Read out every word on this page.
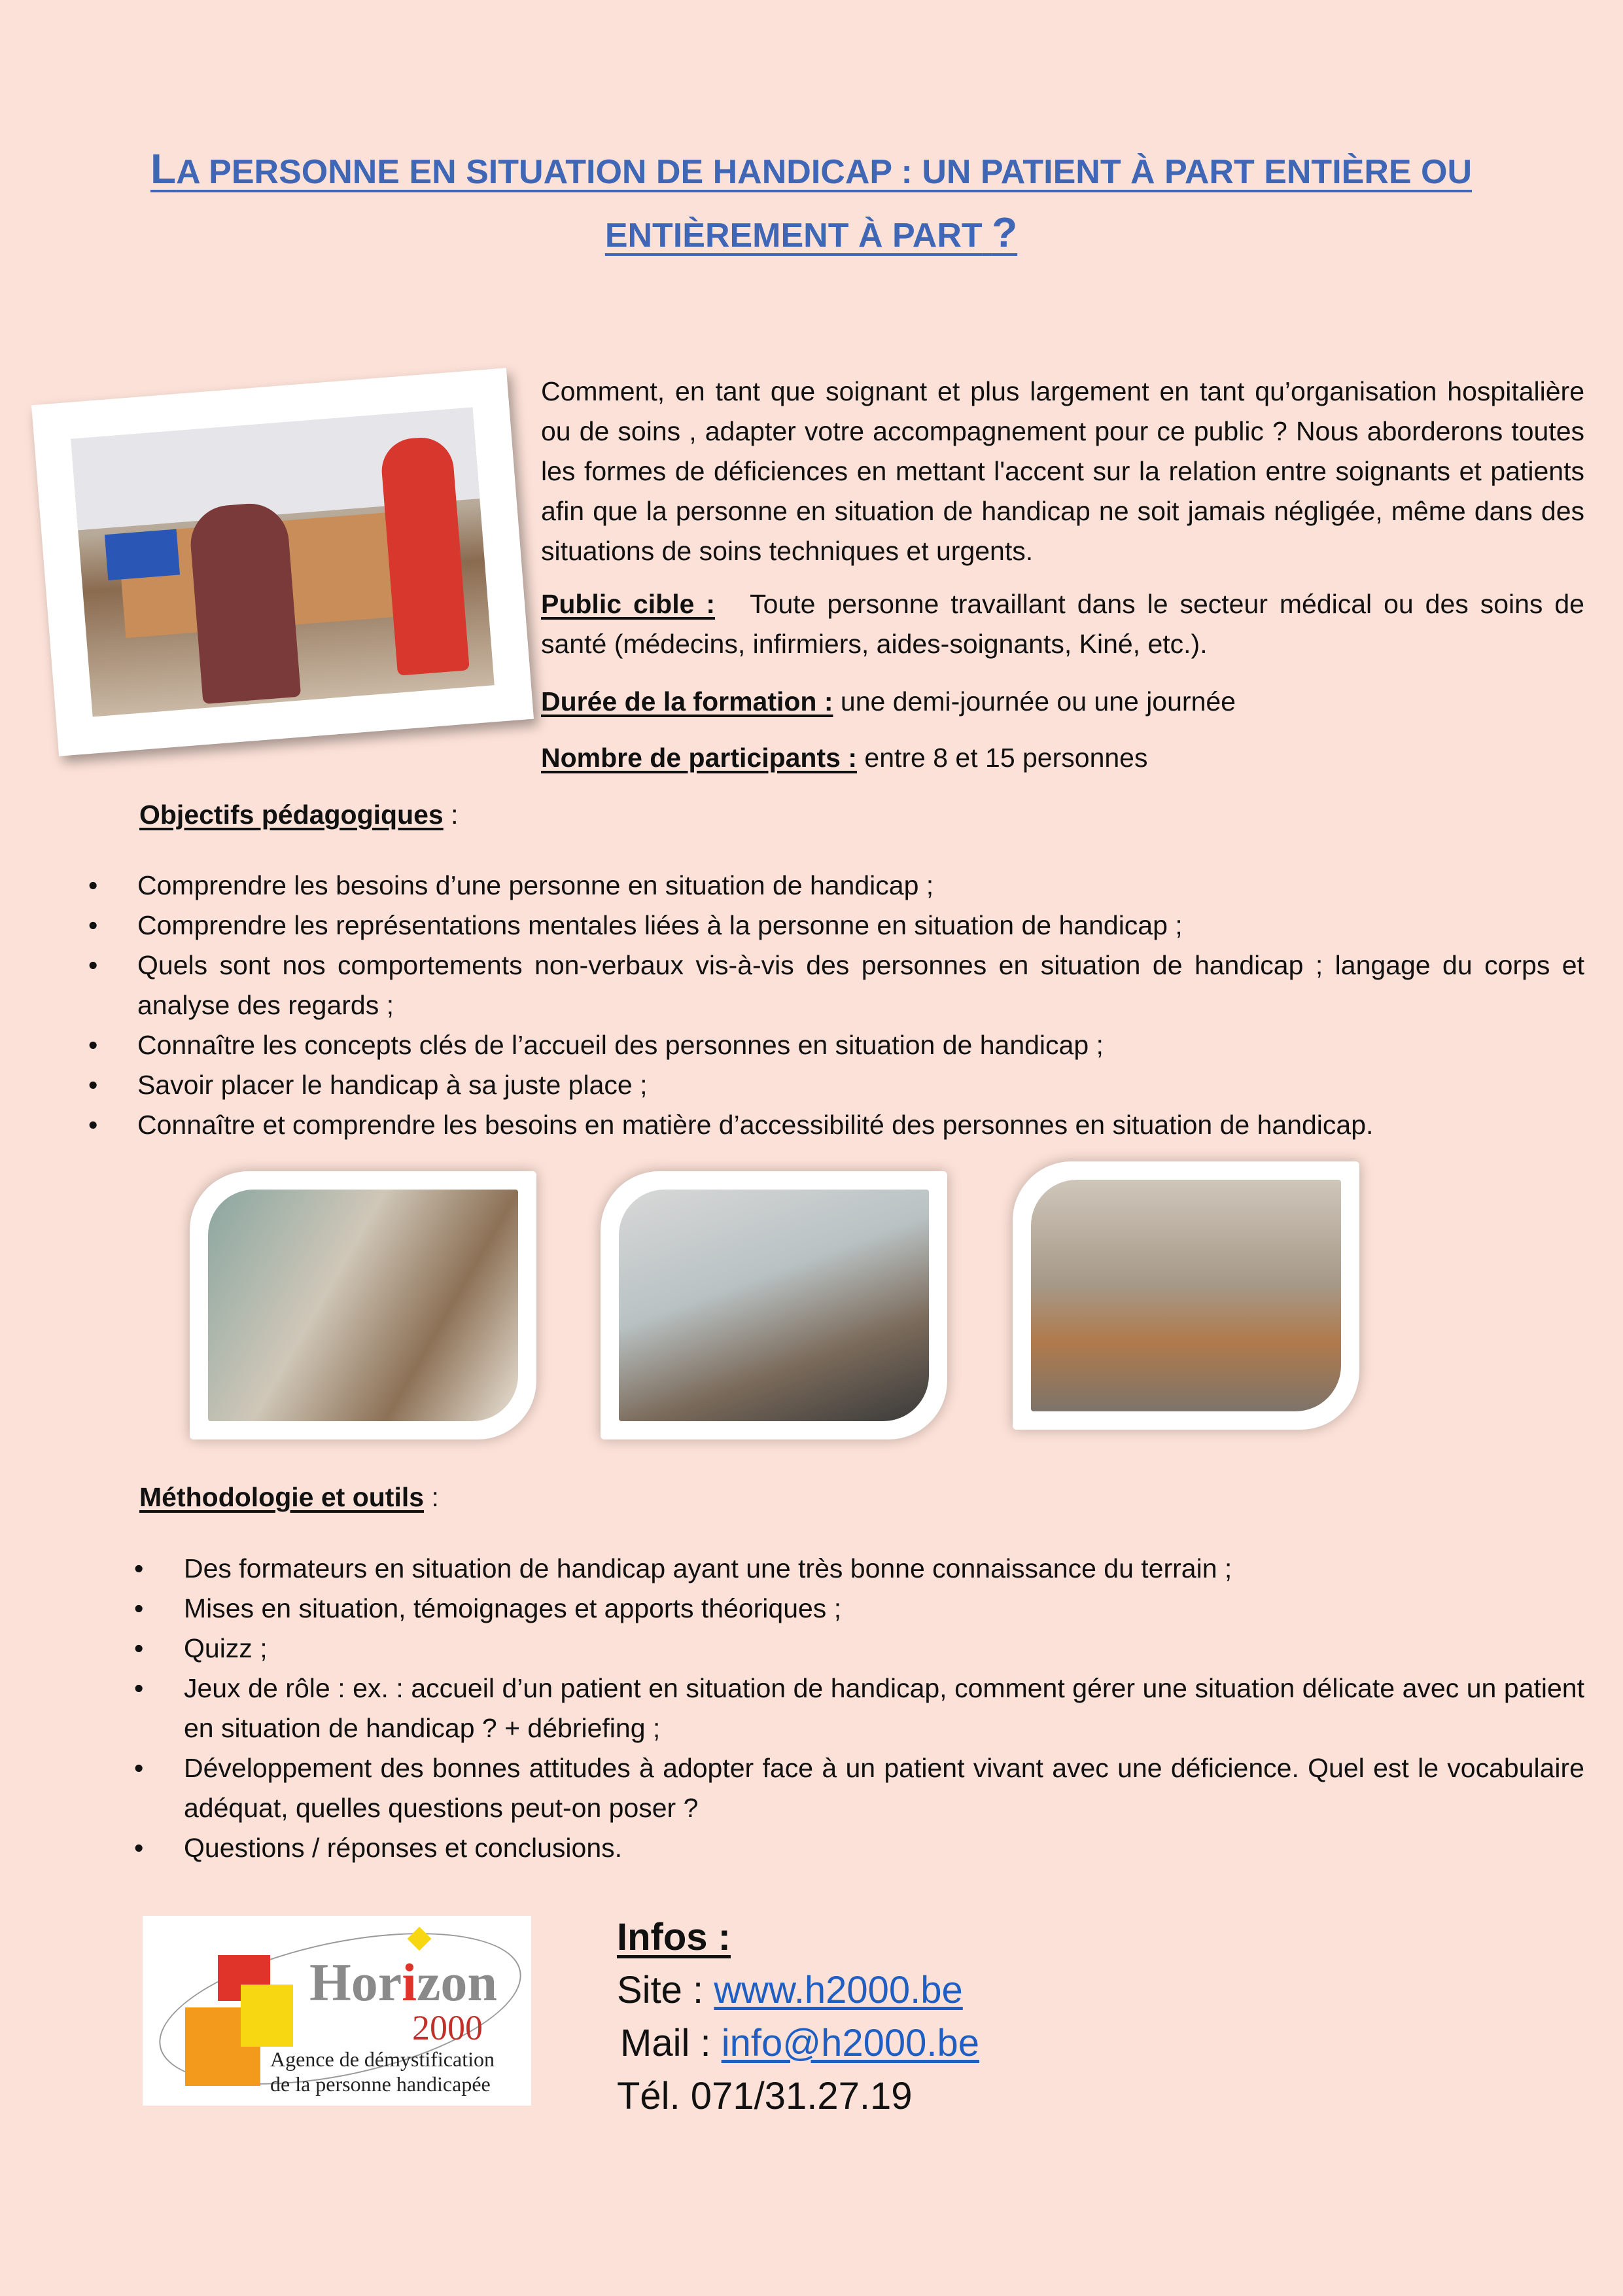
LA PERSONNE EN SITUATION DE HANDICAP : UN PATIENT À PART ENTIÈRE OU
ENTIÈREMENT À PART ?

Comment, en tant que soignant et plus largement en tant qu’organisation hospitalière ou de soins , adapter votre accompagnement pour ce public ? Nous aborderons toutes les formes de déficiences en mettant l'accent sur la relation entre soignants et patients afin que la personne en situation de handicap ne soit jamais négligée, même dans des situations de soins techniques et urgents.

Public cible : Toute personne travaillant dans le secteur médical ou des soins de santé (médecins, infirmiers, aides-soignants, Kiné, etc.).

Durée de la formation : une demi-journée ou une journée

Nombre de participants : entre 8 et 15 personnes

Objectifs pédagogiques :

• Comprendre les besoins d’une personne en situation de handicap ;
• Comprendre les représentations mentales liées à la personne en situation de handicap ;
• Quels sont nos comportements non-verbaux vis-à-vis des personnes en situation de handicap ; langage du corps et analyse des regards ;
• Connaître les concepts clés de l’accueil des personnes en situation de handicap ;
• Savoir placer le handicap à sa juste place ;
• Connaître et comprendre les besoins en matière d’accessibilité des personnes en situation de handicap.

Méthodologie et outils :

• Des formateurs en situation de handicap ayant une très bonne connaissance du terrain ;
• Mises en situation, témoignages et apports théoriques ;
• Quizz ;
• Jeux de rôle : ex. : accueil d’un patient en situation de handicap, comment gérer une situation délicate avec un patient en situation de handicap ? + débriefing ;
• Développement des bonnes attitudes à adopter face à un patient vivant avec une déficience. Quel est le vocabulaire adéquat, quelles questions peut-on poser ?
• Questions / réponses et conclusions.
Horizon
2000
Agence de démystification
de la personne handicapée
Infos :
Site : www.h2000.be
Mail : info@h2000.be
Tél. 071/31.27.19
